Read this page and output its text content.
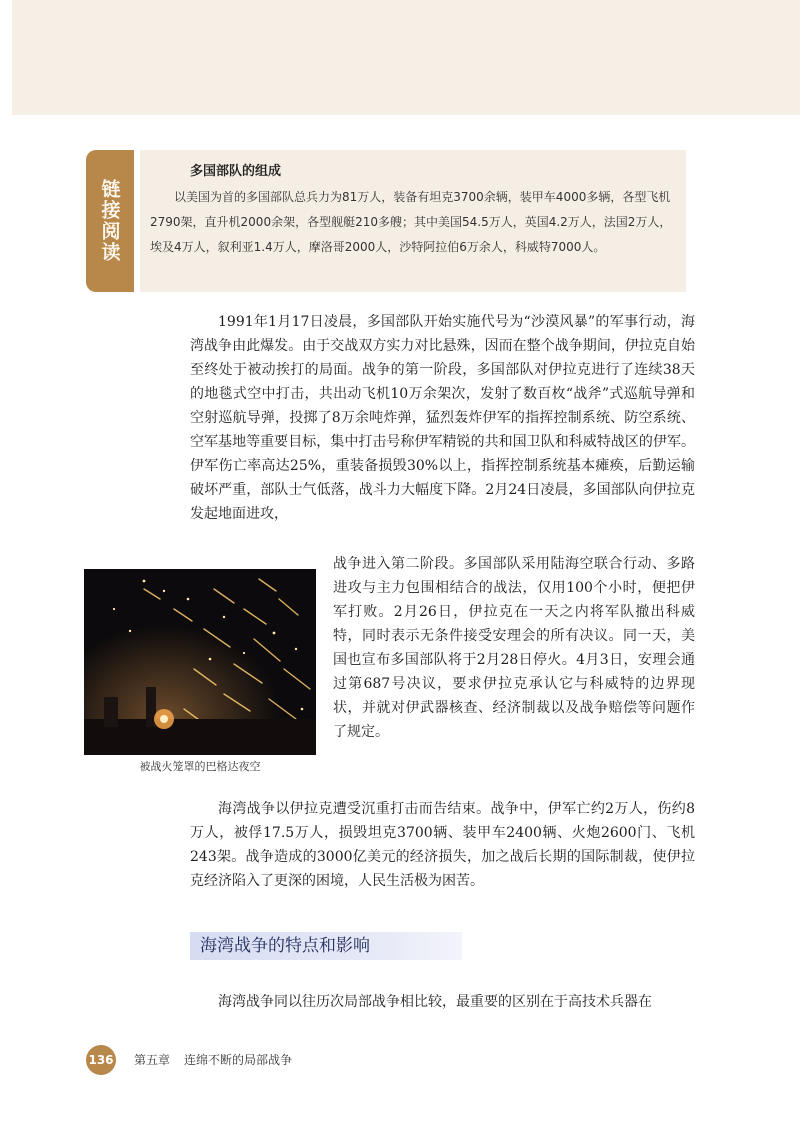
链接阅读
多国部队的组成

以美国为首的多国部队总兵力为81万人，装备有坦克3700余辆，装甲车4000多辆，各型飞机2790架，直升机2000余架，各型舰艇210多艘；其中美国54.5万人，英国4.2万人，法国2万人，埃及4万人，叙利亚1.4万人，摩洛哥2000人，沙特阿拉伯6万余人，科威特7000人。

1991年1月17日凌晨，多国部队开始实施代号为“沙漠风暴”的军事行动，海湾战争由此爆发。由于交战双方实力对比悬殊，因而在整个战争期间，伊拉克自始至终处于被动挨打的局面。战争的第一阶段，多国部队对伊拉克进行了连续38天的地毯式空中打击，共出动飞机10万余架次，发射了数百枚“战斧”式巡航导弹和空射巡航导弹，投掷了8万余吨炸弹，猛烈轰炸伊军的指挥控制系统、防空系统、空军基地等重要目标，集中打击号称伊军精锐的共和国卫队和科威特战区的伊军。伊军伤亡率高达25%，重装备损毁30%以上，指挥控制系统基本瘫痪，后勤运输破坏严重，部队士气低落，战斗力大幅度下降。2月24日凌晨，多国部队向伊拉克发起地面进攻，

战争进入第二阶段。多国部队采用陆海空联合行动、多路进攻与主力包围相结合的战法，仅用100个小时，便把伊军打败。2月26日，伊拉克在一天之内将军队撤出科威特，同时表示无条件接受安理会的所有决议。同一天，美国也宣布多国部队将于2月28日停火。4月3日，安理会通过第687号决议，要求伊拉克承认它与科威特的边界现状，并就对伊武器核查、经济制裁以及战争赔偿等问题作了规定。

被战火笼罩的巴格达夜空

海湾战争以伊拉克遭受沉重打击而告结束。战争中，伊军亡约2万人，伤约8万人，被俘17.5万人，损毁坦克3700辆、装甲车2400辆、火炮2600门、飞机243架。战争造成的3000亿美元的经济损失，加之战后长期的国际制裁，使伊拉克经济陷入了更深的困境，人民生活极为困苦。

海湾战争的特点和影响

海湾战争同以往历次局部战争相比较，最重要的区别在于高技术兵器在

136 第五章 连绵不断的局部战争
